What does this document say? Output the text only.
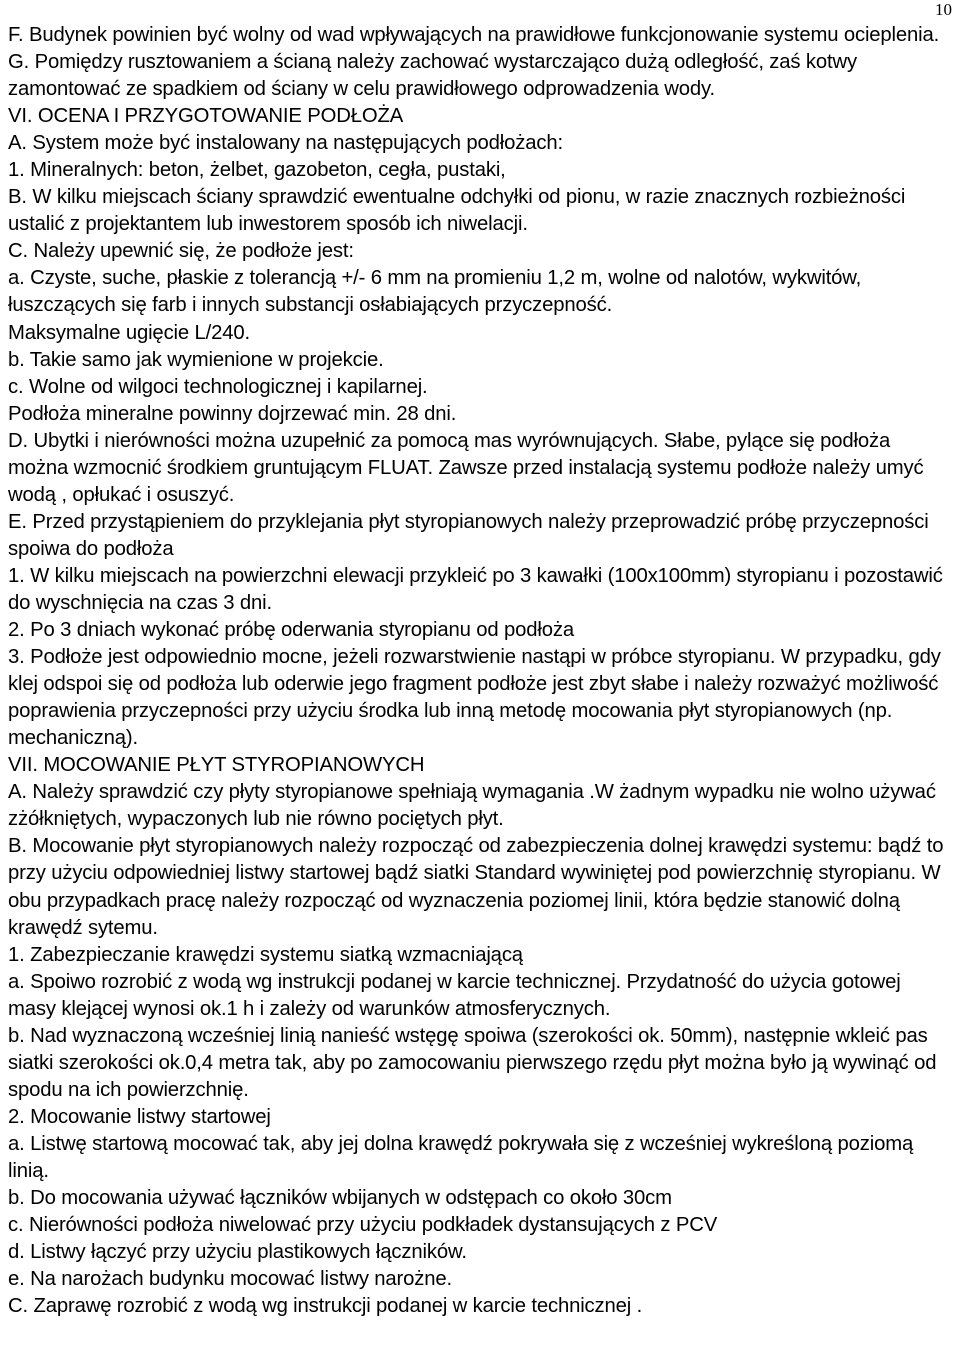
10

F. Budynek powinien być wolny od wad wpływających na prawidłowe funkcjonowanie systemu ocieplenia.

G. Pomiędzy rusztowaniem a ścianą należy zachować wystarczająco dużą odległość, zaś kotwy zamontować ze spadkiem od ściany w celu prawidłowego odprowadzenia wody.

VI. OCENA I PRZYGOTOWANIE PODŁOŻA

A. System może być instalowany na następujących podłożach:

1. Mineralnych: beton, żelbet, gazobeton, cegła, pustaki,

B. W kilku miejscach ściany sprawdzić ewentualne odchyłki od pionu, w razie znacznych rozbieżności ustalić z projektantem lub inwestorem sposób ich niwelacji.

C. Należy upewnić się, że podłoże jest:

a. Czyste, suche, płaskie z tolerancją +/- 6 mm na promieniu 1,2 m, wolne od nalotów, wykwitów, łuszczących się farb i innych substancji osłabiających przyczepność.

Maksymalne ugięcie L/240.

b. Takie samo jak wymienione w projekcie.

c. Wolne od wilgoci technologicznej i kapilarnej.

Podłoża mineralne powinny dojrzewać min. 28 dni.

D. Ubytki i nierówności można uzupełnić za pomocą mas wyrównujących. Słabe, pylące się podłoża można wzmocnić środkiem gruntującym FLUAT. Zawsze przed instalacją systemu podłoże należy umyć wodą , opłukać i osuszyć.

E. Przed przystąpieniem do przyklejania płyt styropianowych należy przeprowadzić próbę przyczepności spoiwa do podłoża

1. W kilku miejscach na powierzchni elewacji przykleić po 3 kawałki (100x100mm) styropianu i pozostawić do wyschnięcia na czas 3 dni.

2. Po 3 dniach wykonać próbę oderwania styropianu od podłoża

3. Podłoże jest odpowiednio mocne, jeżeli rozwarstwienie nastąpi w próbce styropianu. W przypadku, gdy klej odspoi się od podłoża lub oderwie jego fragment podłoże jest zbyt słabe i należy rozważyć możliwość poprawienia przyczepności przy użyciu środka lub inną metodę mocowania płyt styropianowych (np. mechaniczną).

VII. MOCOWANIE PŁYT STYROPIANOWYCH

A. Należy sprawdzić czy płyty styropianowe spełniają wymagania .W żadnym wypadku nie wolno używać zżółkniętych, wypaczonych lub nie równo pociętych płyt.

B. Mocowanie płyt styropianowych należy rozpocząć od zabezpieczenia dolnej krawędzi systemu: bądź to przy użyciu odpowiedniej listwy startowej bądź siatki Standard wywiniętej pod powierzchnię styropianu. W obu przypadkach pracę należy rozpocząć od wyznaczenia poziomej linii, która będzie stanowić dolną krawędź sytemu.

1. Zabezpieczanie krawędzi systemu siatką wzmacniającą

a. Spoiwo rozrobić z wodą wg instrukcji podanej w karcie technicznej. Przydatność do użycia gotowej masy klejącej wynosi ok.1 h i zależy od warunków atmosferycznych.

b. Nad wyznaczoną wcześniej linią nanieść wstęgę spoiwa (szerokości ok. 50mm), następnie wkleić pas siatki szerokości ok.0,4 metra tak, aby po zamocowaniu pierwszego rzędu płyt można było ją wywinąć od spodu na ich powierzchnię.

2. Mocowanie listwy startowej

a. Listwę startową mocować tak, aby jej dolna krawędź pokrywała się z wcześniej wykreśloną poziomą linią.

b. Do mocowania używać łączników wbijanych w odstępach co około 30cm

c. Nierówności podłoża niwelować przy użyciu podkładek dystansujących z PCV

d. Listwy łączyć przy użyciu plastikowych łączników.

e. Na narożach budynku mocować listwy narożne.

C. Zaprawę rozrobić z wodą wg instrukcji podanej w karcie technicznej .
